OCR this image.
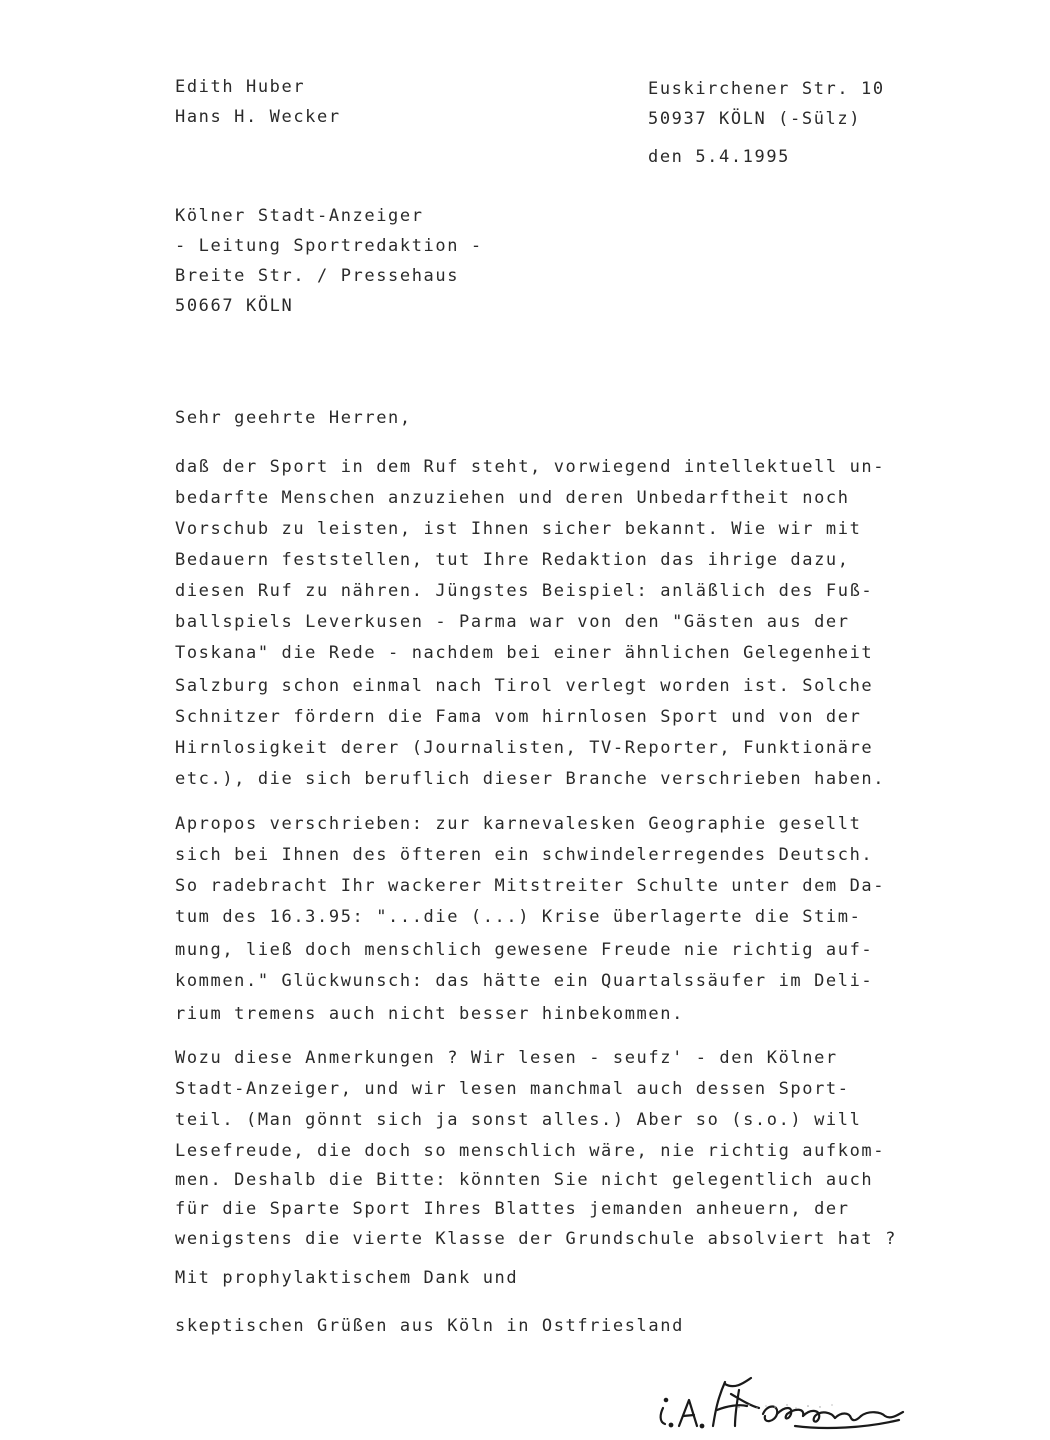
Edith Huber
Hans H. Wecker
Euskirchener Str. 10
50937 KÖLN (-Sülz)
den 5.4.1995
Kölner Stadt-Anzeiger
- Leitung Sportredaktion -
Breite Str. / Pressehaus
50667 KÖLN
Sehr geehrte Herren,
daß der Sport in dem Ruf steht, vorwiegend intellektuell un-
bedarfte Menschen anzuziehen und deren Unbedarftheit noch
Vorschub zu leisten, ist Ihnen sicher bekannt. Wie wir mit
Bedauern feststellen, tut Ihre Redaktion das ihrige dazu,
diesen Ruf zu nähren. Jüngstes Beispiel: anläßlich des Fuß-
ballspiels Leverkusen - Parma war von den "Gästen aus der
Toskana" die Rede - nachdem bei einer ähnlichen Gelegenheit
Salzburg schon einmal nach Tirol verlegt worden ist. Solche
Schnitzer fördern die Fama vom hirnlosen Sport und von der
Hirnlosigkeit derer (Journalisten, TV-Reporter, Funktionäre
etc.), die sich beruflich dieser Branche verschrieben haben.
Apropos verschrieben: zur karnevalesken Geographie gesellt
sich bei Ihnen des öfteren ein schwindelerregendes Deutsch.
So radebracht Ihr wackerer Mitstreiter Schulte unter dem Da-
tum des 16.3.95: "...die (...) Krise überlagerte die Stim-
mung, ließ doch menschlich gewesene Freude nie richtig auf-
kommen." Glückwunsch: das hätte ein Quartalssäufer im Deli-
rium tremens auch nicht besser hinbekommen.
Wozu diese Anmerkungen ? Wir lesen - seufz' - den Kölner
Stadt-Anzeiger, und wir lesen manchmal auch dessen Sport-
teil. (Man gönnt sich ja sonst alles.) Aber so (s.o.) will
Lesefreude, die doch so menschlich wäre, nie richtig aufkom-
men. Deshalb die Bitte: könnten Sie nicht gelegentlich auch
für die Sparte Sport Ihres Blattes jemanden anheuern, der
wenigstens die vierte Klasse der Grundschule absolviert hat ?
Mit prophylaktischem Dank und
skeptischen Grüßen aus Köln in Ostfriesland
